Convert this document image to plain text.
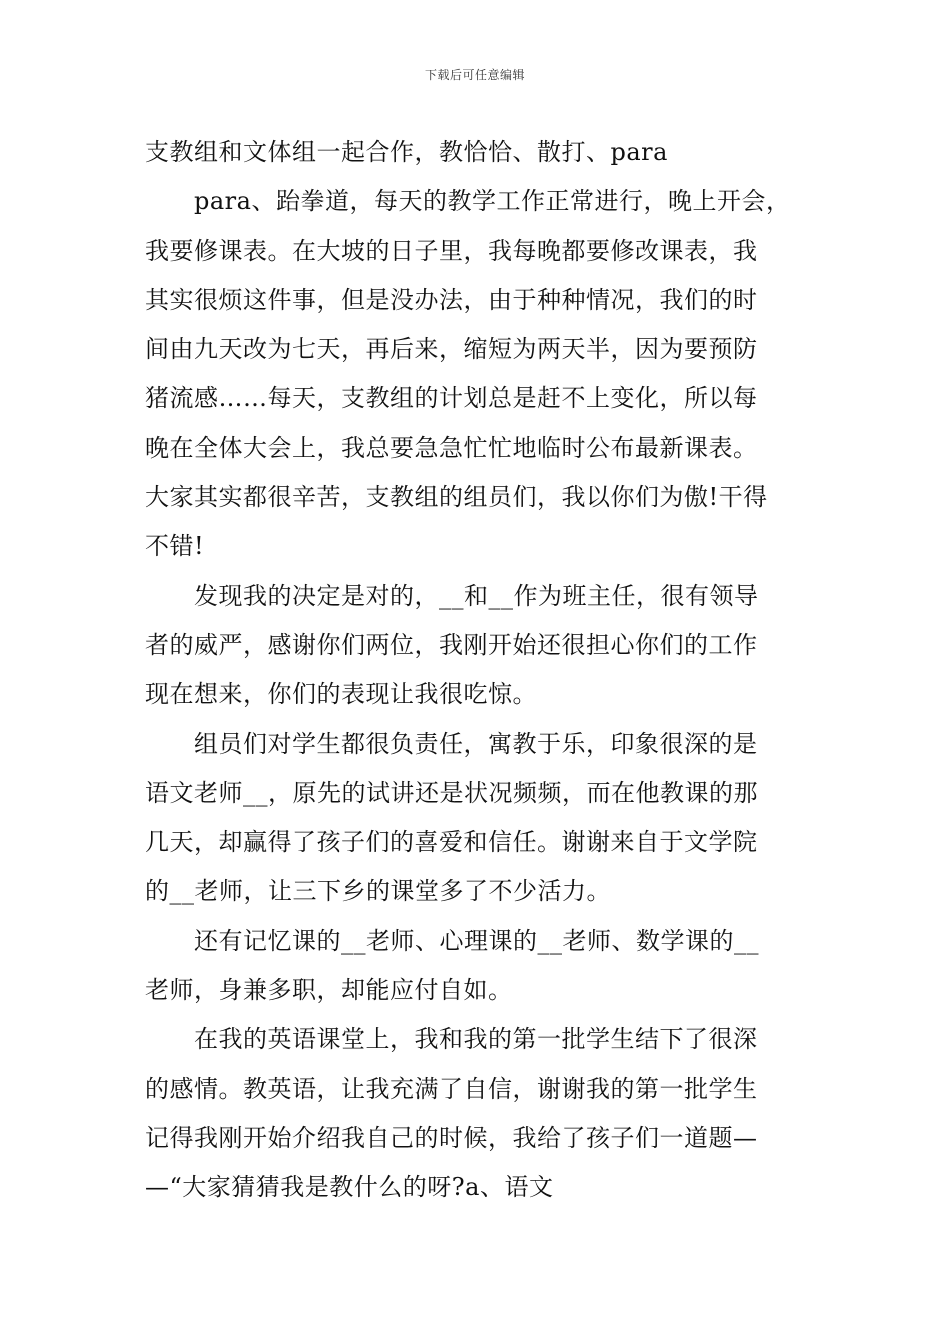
下载后可任意编辑
支教组和文体组一起合作，教恰恰、散打、para
para、跆拳道，每天的教学工作正常进行，晚上开会，
我要修课表。在大坡的日子里，我每晚都要修改课表，我
其实很烦这件事，但是没办法，由于种种情况，我们的时
间由九天改为七天，再后来，缩短为两天半，因为要预防
猪流感……每天，支教组的计划总是赶不上变化，所以每
晚在全体大会上，我总要急急忙忙地临时公布最新课表。
大家其实都很辛苦，支教组的组员们，我以你们为傲!干得
不错!
发现我的决定是对的，__和__作为班主任，很有领导
者的威严，感谢你们两位，我刚开始还很担心你们的工作
现在想来，你们的表现让我很吃惊。
组员们对学生都很负责任，寓教于乐，印象很深的是
语文老师__，原先的试讲还是状况频频，而在他教课的那
几天，却赢得了孩子们的喜爱和信任。谢谢来自于文学院
的__老师，让三下乡的课堂多了不少活力。
还有记忆课的__老师、心理课的__老师、数学课的__
老师，身兼多职，却能应付自如。
在我的英语课堂上，我和我的第一批学生结下了很深
的感情。教英语，让我充满了自信，谢谢我的第一批学生
记得我刚开始介绍我自己的时候，我给了孩子们一道题—
—“大家猜猜我是教什么的呀?a、语文
